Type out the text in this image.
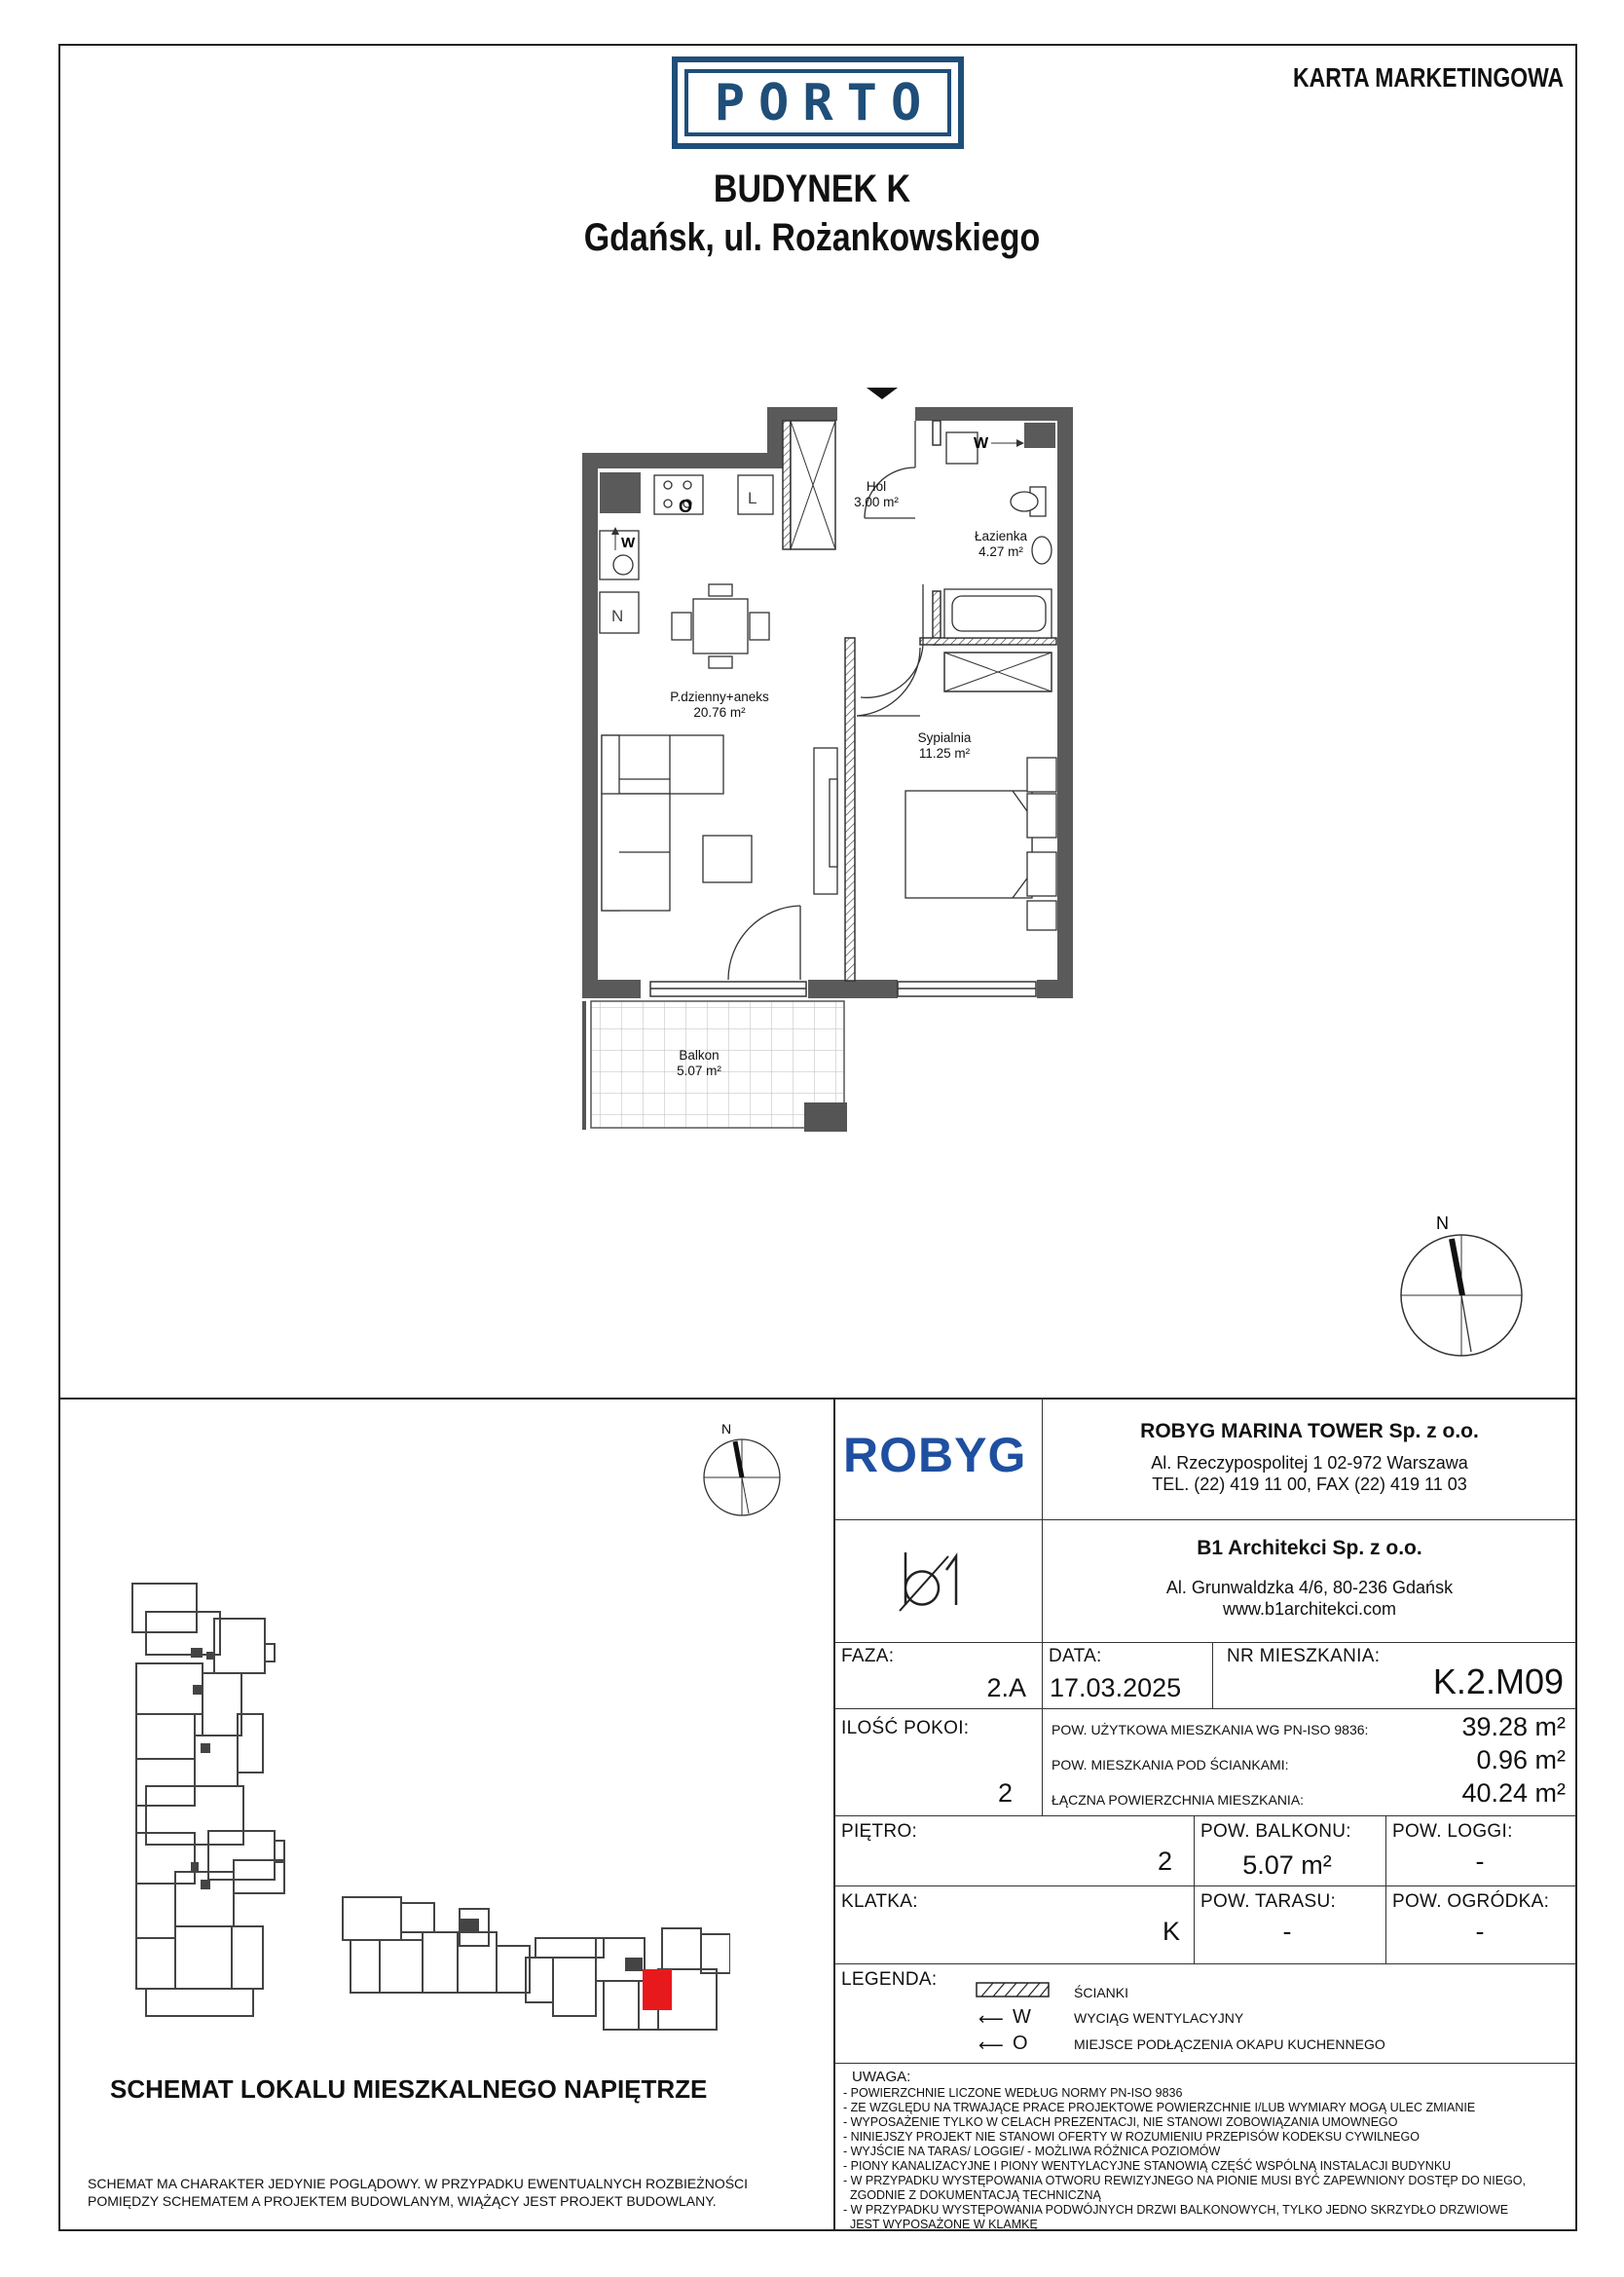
PORTO	KARTA MARKETINGOWA
BUDYNEK K
Gdańsk, ul. Rożankowskiego
O	L
N
W
W
Hol
3.00 m²
Łazienka
4.27 m²
P.dzienny+aneks
20.76 m²
Sypialnia
11.25 m²
Balkon
5.07 m²
N
N
SCHEMAT LOKALU MIESZKALNEGO NAPIĘTRZE
SCHEMAT MA CHARAKTER JEDYNIE POGLĄDOWY. W PRZYPADKU EWENTUALNYCH ROZBIEŻNOŚCI
POMIĘDZY SCHEMATEM A PROJEKTEM BUDOWLANYM, WIĄŻĄCY JEST PROJEKT BUDOWLANY.
ROBYG	ROBYG MARINA TOWER Sp. z o.o.
Al. Rzeczypospolitej 1 02-972 Warszawa
TEL. (22) 419 11 00, FAX (22) 419 11 03
B1 Architekci Sp. z o.o.
Al. Grunwaldzka 4/6, 80-236 Gdańsk
www.b1architekci.com
FAZA:
2.A
DATA:
17.03.2025
NR MIESZKANIA:
K.2.M09
ILOŚĆ POKOI:
2
POW. UŻYTKOWA MIESZKANIA WG PN-ISO 9836:	39.28 m²
POW. MIESZKANIA POD ŚCIANKAMI:	0.96 m²
ŁĄCZNA POWIERZCHNIA MIESZKANIA:	40.24 m²
PIĘTRO:
2
POW. BALKONU:
5.07 m²
POW. LOGGI:
-
KLATKA:
K
POW. TARASU:
-
POW. OGRÓDKA:
-
LEGENDA:
ŚCIANKI
⟵ W	WYCIĄG WENTYLACYJNY
⟵ O	MIEJSCE PODŁĄCZENIA OKAPU KUCHENNEGO
UWAGA:
- POWIERZCHNIE LICZONE WEDŁUG NORMY PN-ISO 9836
- ZE WZGLĘDU NA TRWAJĄCE PRACE PROJEKTOWE POWIERZCHNIE I/LUB WYMIARY MOGĄ ULEC ZMIANIE
- WYPOSAŻENIE TYLKO W CELACH PREZENTACJI, NIE STANOWI ZOBOWIĄZANIA UMOWNEGO
- NINIEJSZY PROJEKT NIE STANOWI OFERTY W ROZUMIENIU PRZEPISÓW KODEKSU CYWILNEGO
- WYJŚCIE NA TARAS/ LOGGIE/ - MOŻLIWA RÓŻNICA POZIOMÓW
- PIONY KANALIZACYJNE I PIONY WENTYLACYJNE STANOWIĄ CZĘŚĆ WSPÓLNĄ INSTALACJI BUDYNKU
- W PRZYPADKU WYSTĘPOWANIA OTWORU REWIZYJNEGO NA PIONIE MUSI BYĆ ZAPEWNIONY DOSTĘP DO NIEGO,
ZGODNIE Z DOKUMENTACJĄ TECHNICZNĄ
- W PRZYPADKU WYSTĘPOWANIA PODWÓJNYCH DRZWI BALKONOWYCH, TYLKO JEDNO SKRZYDŁO DRZWIOWE
JEST WYPOSAŻONE W KLAMKĘ
